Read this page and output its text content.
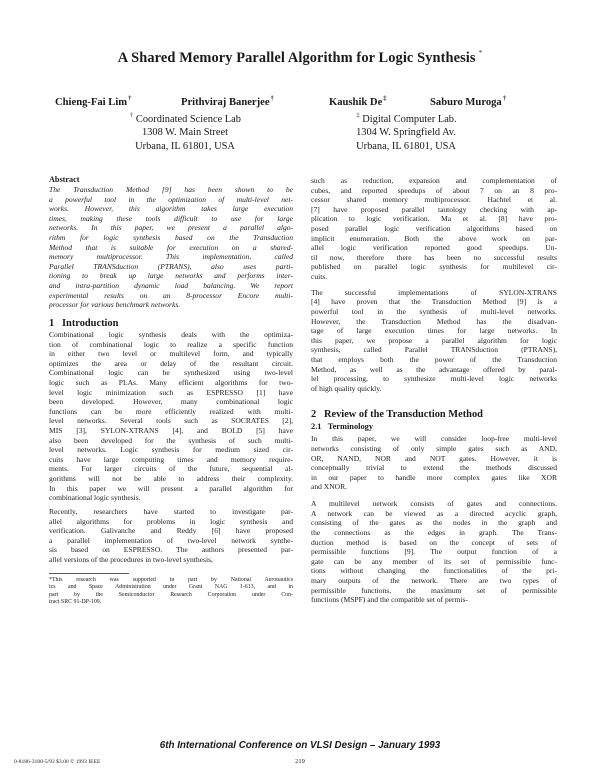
A Shared Memory Parallel Algorithm for Logic Synthesis *
Chieng-Fai Lim†	Prithviraj Banerjee†	Kaushik De‡	Saburo Muroga†
† Coordinated Science Lab
1308 W. Main Street
Urbana, IL 61801, USA
‡ Digital Computer Lab.
1304 W. Springfield Av.
Urbana, IL 61801, USA
Abstract

The Transduction Method [9] has been shown to be

a powerful tool in the optimization of multi-level net-

works. However, this algorithm takes large execution

times, making these tools difficult to use for large

networks. In this paper, we present a parallel algo-

rithm for logic synthesis based on the Transduction

Method that is suitable for execution on a shared-

memory multiprocessor. This implementation, called

Parallel TRANSduction (PTRANS), also uses parti-

tioning to break up large networks and performs inter-

and intra-partition dynamic load balancing. We report

experimental results on an 8-processor Encore multi-

processor for various benchmark networks.

1 Introduction

Combinational logic synthesis deals with the optimiza-

tion of combinational logic to realize a specific function

in either two level or multilevel form, and typically

optimizes the area or delay of the resultant circuit.

Combinational logic can be synthesized using two-level

logic such as PLAs. Many efficient algorithms for two-

level logic minimization such as ESPRESSO [1] have

been developed. However, many combinational logic

functions can be more efficiently realized with multi-

level networks. Several tools such as SOCRATES [2],

MIS [3], SYLON-XTRANS [4], and BOLD [5] have

also been developed for the synthesis of such multi-

level networks. Logic synthesis for medium sized cir-

cuits have large computing times and memory require-

ments. For larger circuits of the future, sequential al-

gorithms will not be able to address their complexity.

In this paper we will present a parallel algorithm for

combinational logic synthesis.

Recently, researchers have started to investigate par-

allel algorithms for problems in logic synthesis and

verification. Galivanche and Reddy [6] have proposed

a parallel implementation of two-level network synthe-

sis based on ESPRESSO. The authors presented par-

allel versions of the procedures in two-level synthesis,

*This research was supported in part by National Aeronautics

ics and Space Administration under Grant NAG 1-613, and in

part by the Semiconductor Research Corporation under Con-

tract SRC 91-DP-109.

such as reduction, expansion and complementation of

cubes, and reported speedups of about 7 on an 8 pro-

cessor shared memory multiprocessor. Hachtel et al.

[7] have proposed parallel tautology checking with ap-

plication to logic verification. Ma et al. [8] have pro-

posed parallel logic verification algorithms based on

implicit enumeration. Both the above work on par-

allel logic verification reported good speedups. Un-

til now, therefore there has been no successful results

published on parallel logic synthesis for multilevel cir-

cuits.

The successful implementations of SYLON-XTRANS

[4] have proven that the Transduction Method [9] is a

powerful tool in the synthesis of multi-level networks.

However, the Transduction Method has the disadvan-

tage of large execution times for large networks. In

this paper, we propose a parallel algorithm for logic

synthesis, called Parallel TRANSduction (PTRANS),

that employs both the power of the Transduction

Method, as well as the advantage offered by paral-

lel processing, to synthesize multi-level logic networks

of high quality quickly.

2 Review of the Transduction Method
2.1 Terminology

In this paper, we will consider loop-free multi-level

networks consisting of only simple gates such as AND,

OR, NAND, NOR and NOT gates. However, it is

conceptually trivial to extend the methods discussed

in our paper to handle more complex gates like XOR

and XNOR.

A multilevel network consists of gates and connections.

A network can be viewed as a directed acyclic graph,

consisting of the gates as the nodes in the graph and

the connections as the edges in graph. The Trans-

duction method is based on the concept of sets of

permissible functions [9]. The output function of a

gate can be any member of its set of permissible func-

tions without changing the functionalities of the pri-

mary outputs of the network. There are two types of

permissible functions, the maximum set of permissible

functions (MSPF) and the compatible set of permis-

6th International Conference on VLSI Design – January 1993
219
0-8186-3180-5/93 $3.00 © 1993 IEEE
